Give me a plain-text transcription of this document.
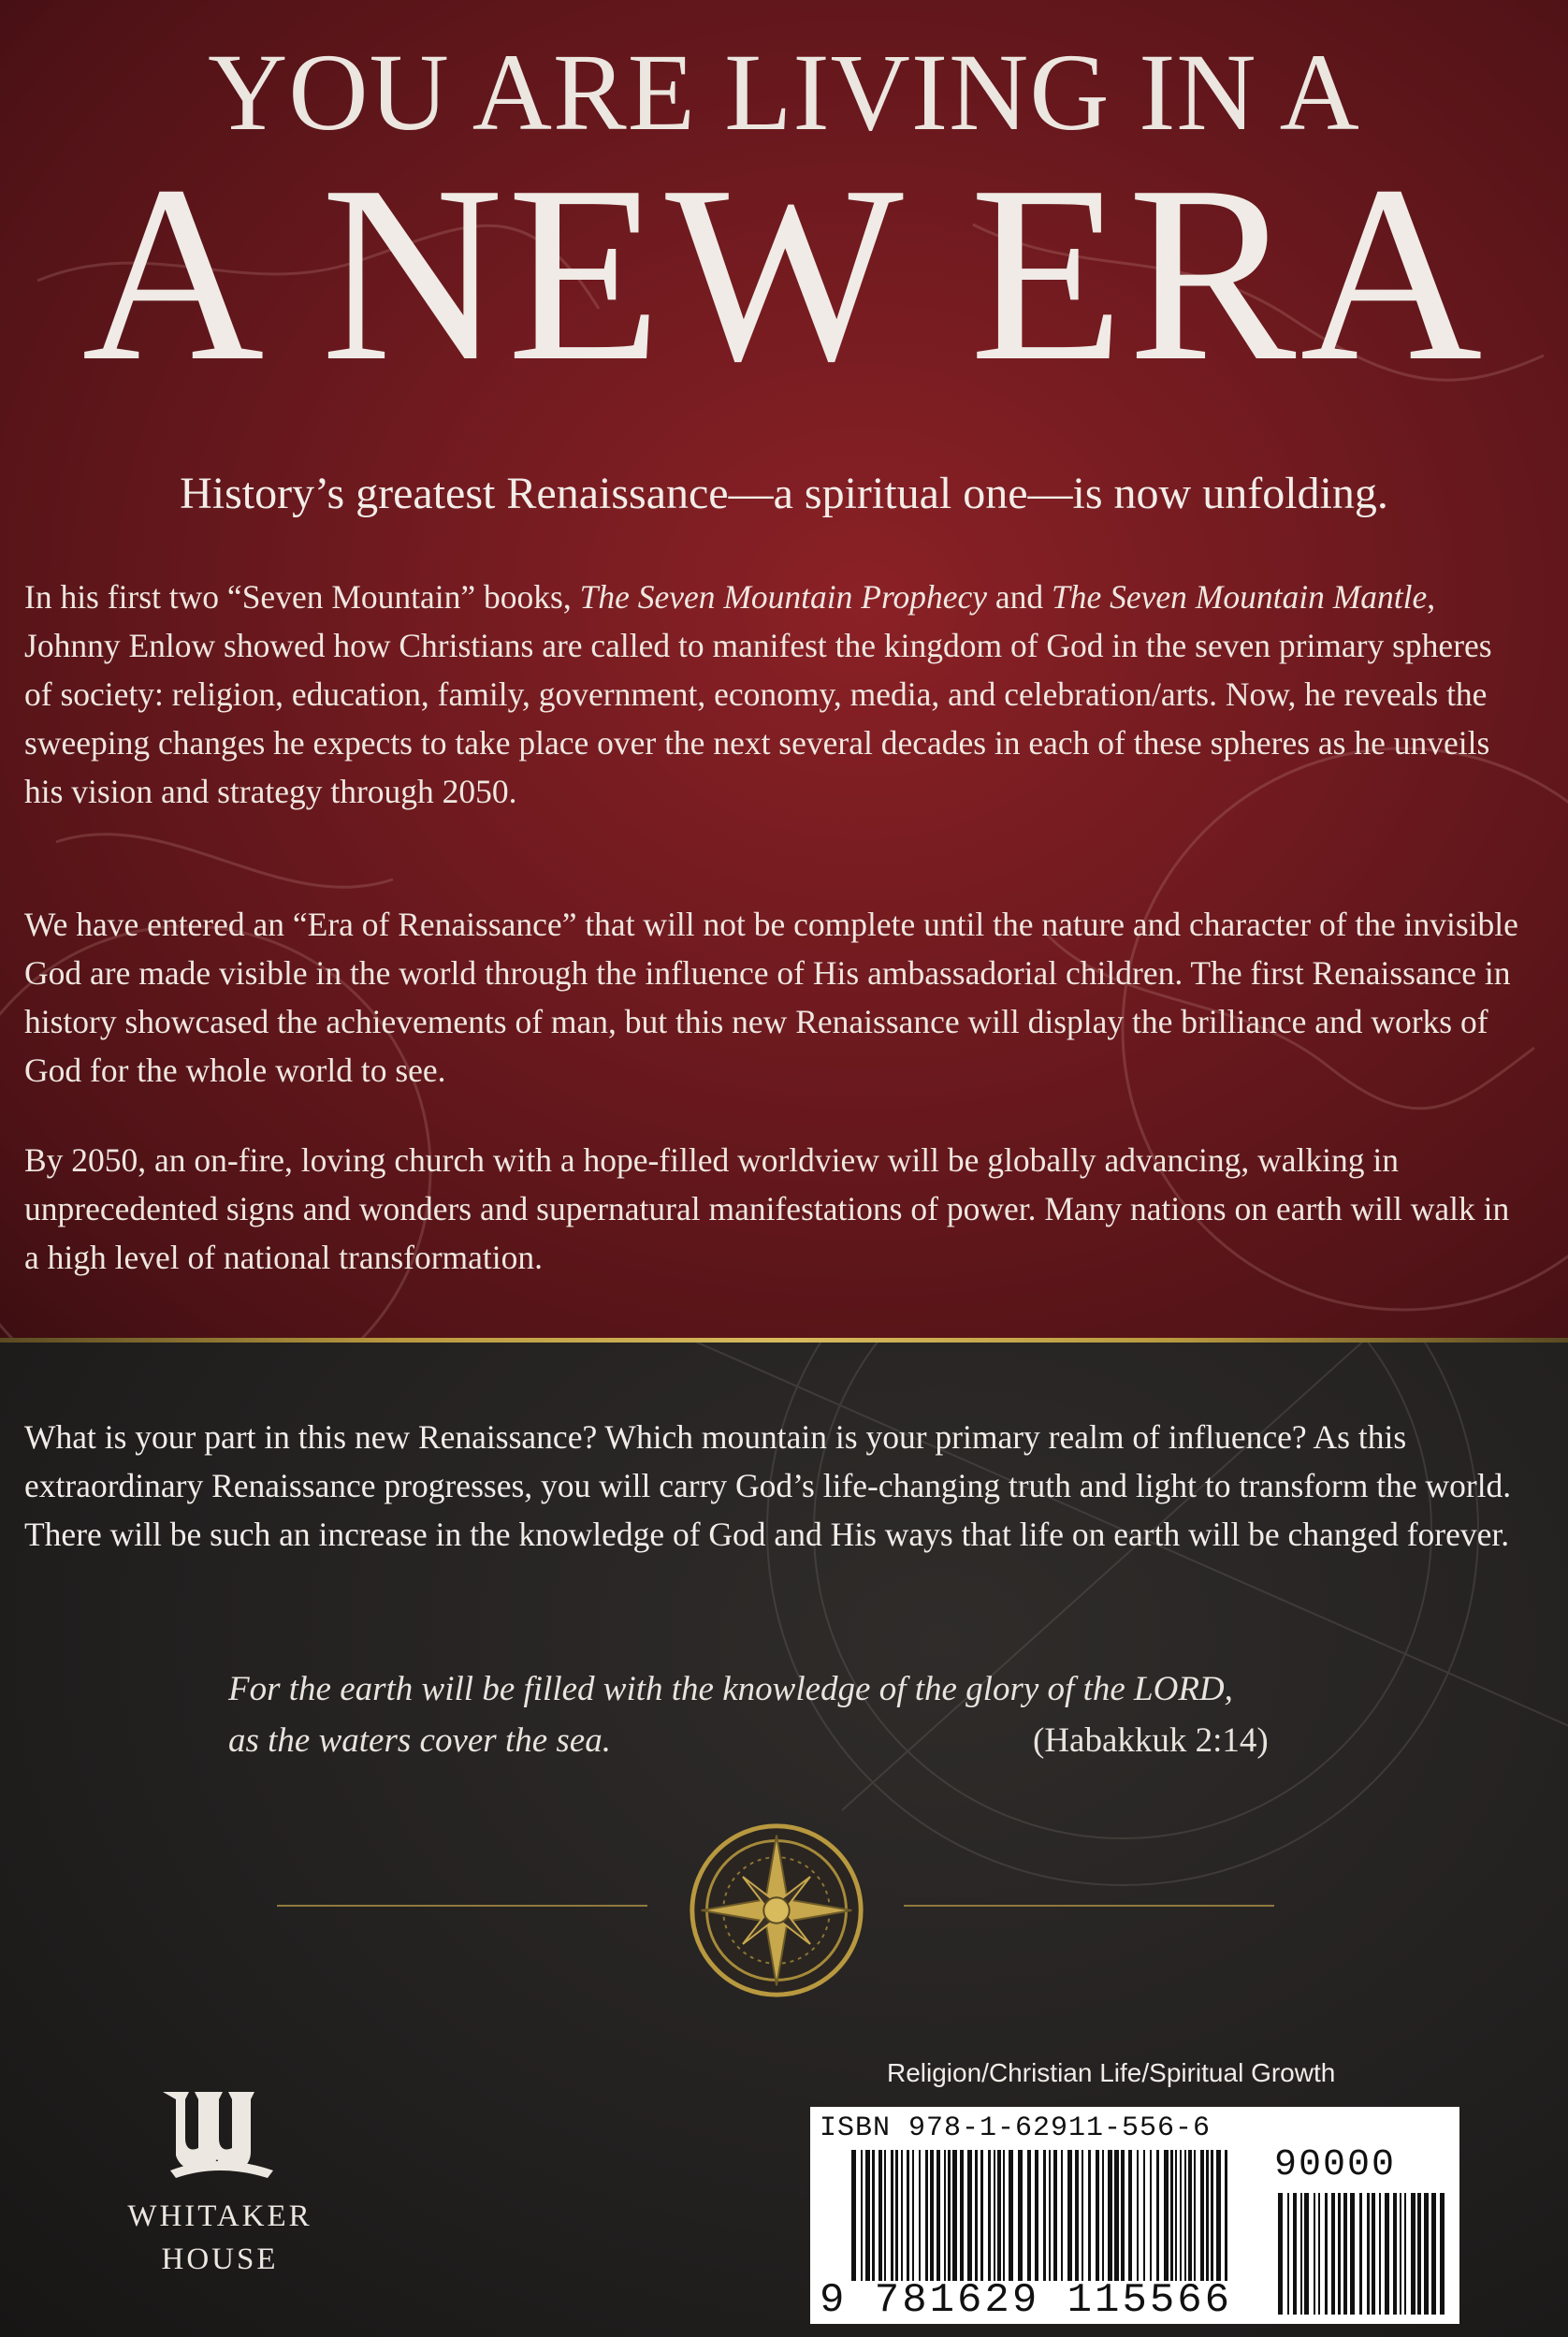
YOU ARE LIVING IN A
A NEW ERA
History’s greatest Renaissance—a spiritual one—is now unfolding.
In his first two “Seven Mountain” books, The Seven Mountain Prophecy and The Seven Mountain Mantle, Johnny Enlow showed how Christians are called to manifest the kingdom of God in the seven primary spheres of society: religion, education, family, government, economy, media, and celebration/arts. Now, he reveals the sweeping changes he expects to take place over the next several decades in each of these spheres as he unveils his vision and strategy through 2050.
We have entered an “Era of Renaissance” that will not be complete until the nature and character of the invisible God are made visible in the world through the influence of His ambassadorial children. The first Renaissance in history showcased the achievements of man, but this new Renaissance will display the brilliance and works of God for the whole world to see.
By 2050, an on-fire, loving church with a hope-filled worldview will be globally advancing, walking in unprecedented signs and wonders and supernatural manifestations of power. Many nations on earth will walk in a high level of national transformation.
What is your part in this new Renaissance? Which mountain is your primary realm of influence? As this extraordinary Renaissance progresses, you will carry God’s life-changing truth and light to transform the world. There will be such an increase in the knowledge of God and His ways that life on earth will be changed forever.
For the earth will be filled with the knowledge of the glory of the LORD,
as the waters cover the sea.	(Habakkuk 2:14)
WHITAKER
HOUSE
Religion/Christian Life/Spiritual Growth
ISBN 978-1-62911-556-6
90000
9 781629 115566
